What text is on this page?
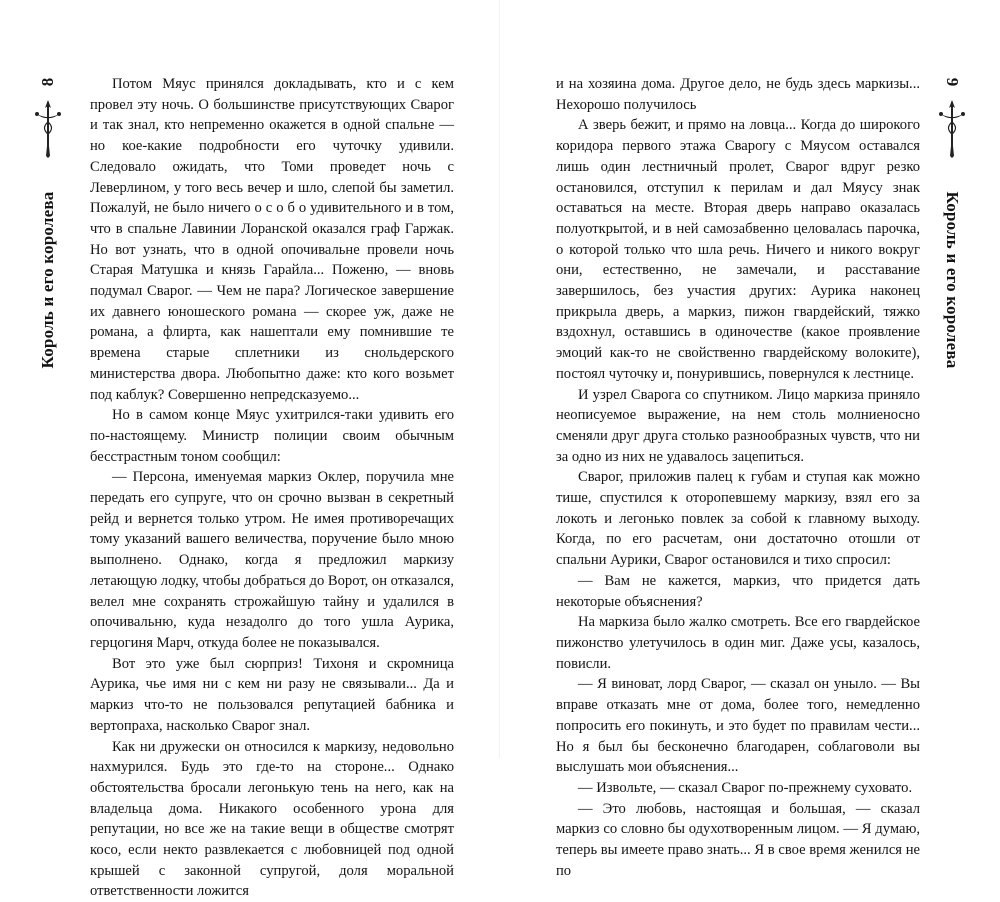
8
Король и его королева

Потом Мяус принялся докладывать, кто и с кем провел эту ночь. О большинстве присутствующих Сварог и так знал, кто непременно окажется в одной спальне — но кое-какие подробности его чуточку удивили. Следовало ожидать, что Томи проведет ночь с Леверлином, у того весь вечер и шло, слепой бы заметил. Пожалуй, не было ничего о с о б о удивительного и в том, что в спальне Лавинии Лоранской оказался граф Гаржак. Но вот узнать, что в одной опочивальне провели ночь Старая Матушка и князь Гарайла... Поженю, — вновь подумал Сварог. — Чем не пара? Логическое завершение их давнего юношеского романа — скорее уж, даже не романа, а флирта, как нашептали ему помнившие те времена старые сплетники из снольдерского министерства двора. Любопытно даже: кто кого возьмет под каблук? Совершенно непредсказуемо...

Но в самом конце Мяус ухитрился-таки удивить его по-настоящему. Министр полиции своим обычным бесстрастным тоном сообщил:

— Персона, именуемая маркиз Оклер, поручила мне передать его супруге, что он срочно вызван в секретный рейд и вернется только утром. Не имея противоречащих тому указаний вашего величества, поручение было мною выполнено. Однако, когда я предложил маркизу летающую лодку, чтобы добраться до Ворот, он отказался, велел мне сохранять строжайшую тайну и удалился в опочивальню, куда незадолго до того ушла Аурика, герцогиня Марч, откуда более не показывался.

Вот это уже был сюрприз! Тихоня и скромница Аурика, чье имя ни с кем ни разу не связывали... Да и маркиз что-то не пользовался репутацией бабника и вертопраха, насколько Сварог знал.

Как ни дружески он относился к маркизу, недовольно нахмурился. Будь это где-то на стороне... Однако обстоятельства бросали легонькую тень на него, как на владельца дома. Никакого особенного урона для репутации, но все же на такие вещи в обществе смотрят косо, если некто развлекается с любовницей под одной крышей с законной супругой, доля моральной ответственности ложится

9
Король и его королева

и на хозяина дома. Другое дело, не будь здесь маркизы... Нехорошо получилось

А зверь бежит, и прямо на ловца... Когда до широкого коридора первого этажа Сварогу с Мяусом оставался лишь один лестничный пролет, Сварог вдруг резко остановился, отступил к перилам и дал Мяусу знак оставаться на месте. Вторая дверь направо оказалась полуоткрытой, и в ней самозабвенно целовалась парочка, о которой только что шла речь. Ничего и никого вокруг они, естественно, не замечали, и расставание завершилось, без участия других: Аурика наконец прикрыла дверь, а маркиз, пижон гвардейский, тяжко вздохнул, оставшись в одиночестве (какое проявление эмоций как-то не свойственно гвардейскому волоките), постоял чуточку и, понурившись, повернулся к лестнице.

И узрел Сварога со спутником. Лицо маркиза приняло неописуемое выражение, на нем столь молниеносно сменяли друг друга столько разнообразных чувств, что ни за одно из них не удавалось зацепиться.

Сварог, приложив палец к губам и ступая как можно тише, спустился к оторопевшему маркизу, взял его за локоть и легонько повлек за собой к главному выходу. Когда, по его расчетам, они достаточно отошли от спальни Аурики, Сварог остановился и тихо спросил:

— Вам не кажется, маркиз, что придется дать некоторые объяснения?

На маркиза было жалко смотреть. Все его гвардейское пижонство улетучилось в один миг. Даже усы, казалось, повисли.

— Я виноват, лорд Сварог, — сказал он уныло. — Вы вправе отказать мне от дома, более того, немедленно попросить его покинуть, и это будет по правилам чести... Но я был бы бесконечно благодарен, соблаговоли вы выслушать мои объяснения...

— Извольте, — сказал Сварог по-прежнему суховато.

— Это любовь, настоящая и большая, — сказал маркиз со словно бы одухотворенным лицом. — Я думаю, теперь вы имеете право знать... Я в свое время женился не по
